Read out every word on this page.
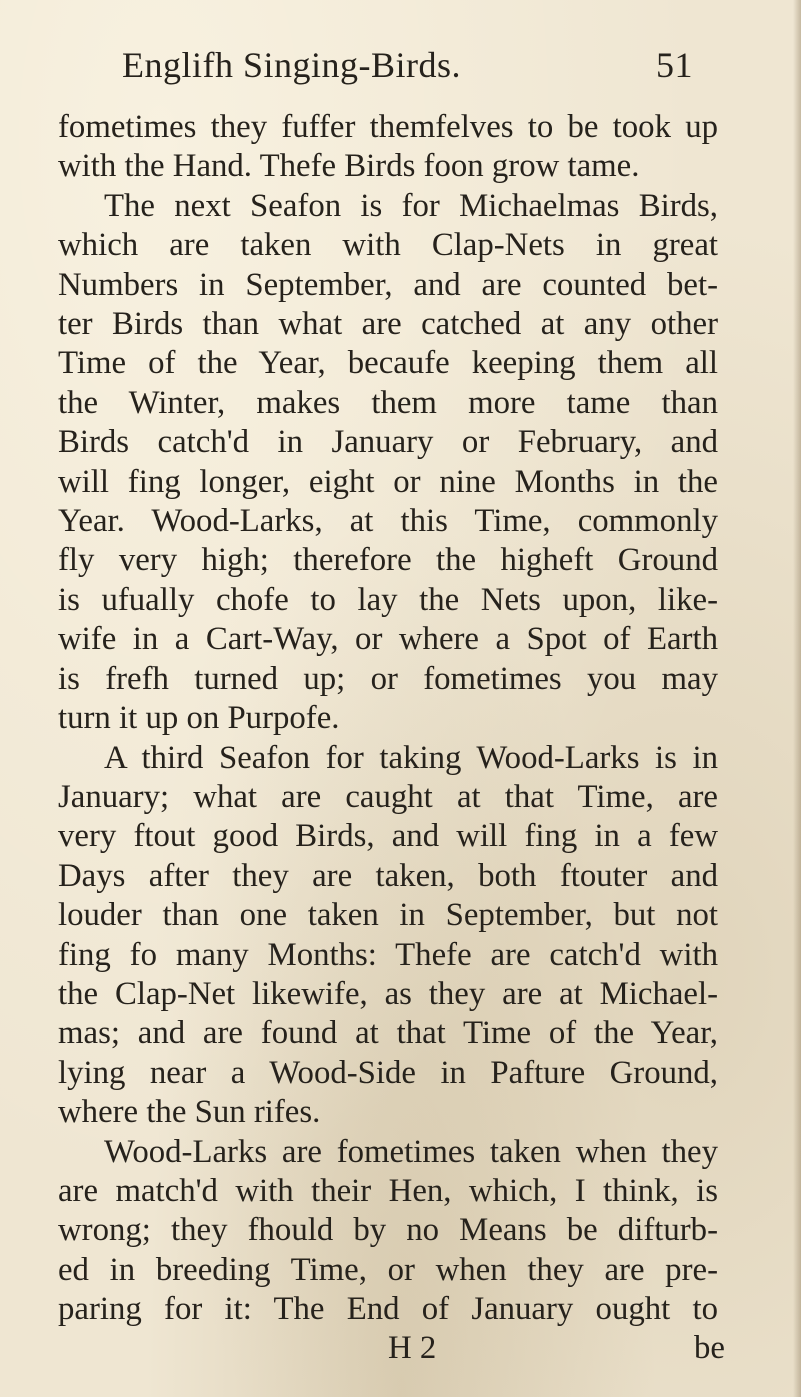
Englifh Singing-Birds.	51
fometimes they fuffer themfelves to be took up
with the Hand. Thefe Birds foon grow tame.
The next Seafon is for Michaelmas Birds,
which are taken with Clap-Nets in great
Numbers in September, and are counted bet-
ter Birds than what are catched at any other
Time of the Year, becaufe keeping them all
the Winter, makes them more tame than
Birds catch'd in January or February, and
will fing longer, eight or nine Months in the
Year. Wood-Larks, at this Time, commonly
fly very high; therefore the higheft Ground
is ufually chofe to lay the Nets upon, like-
wife in a Cart-Way, or where a Spot of Earth
is frefh turned up; or fometimes you may
turn it up on Purpofe.
A third Seafon for taking Wood-Larks is in
January; what are caught at that Time, are
very ftout good Birds, and will fing in a few
Days after they are taken, both ftouter and
louder than one taken in September, but not
fing fo many Months: Thefe are catch'd with
the Clap-Net likewife, as they are at Michael-
mas; and are found at that Time of the Year,
lying near a Wood-Side in Pafture Ground,
where the Sun rifes.
Wood-Larks are fometimes taken when they
are match'd with their Hen, which, I think, is
wrong; they fhould by no Means be difturb-
ed in breeding Time, or when they are pre-
paring for it: The End of January ought to
H 2	be
